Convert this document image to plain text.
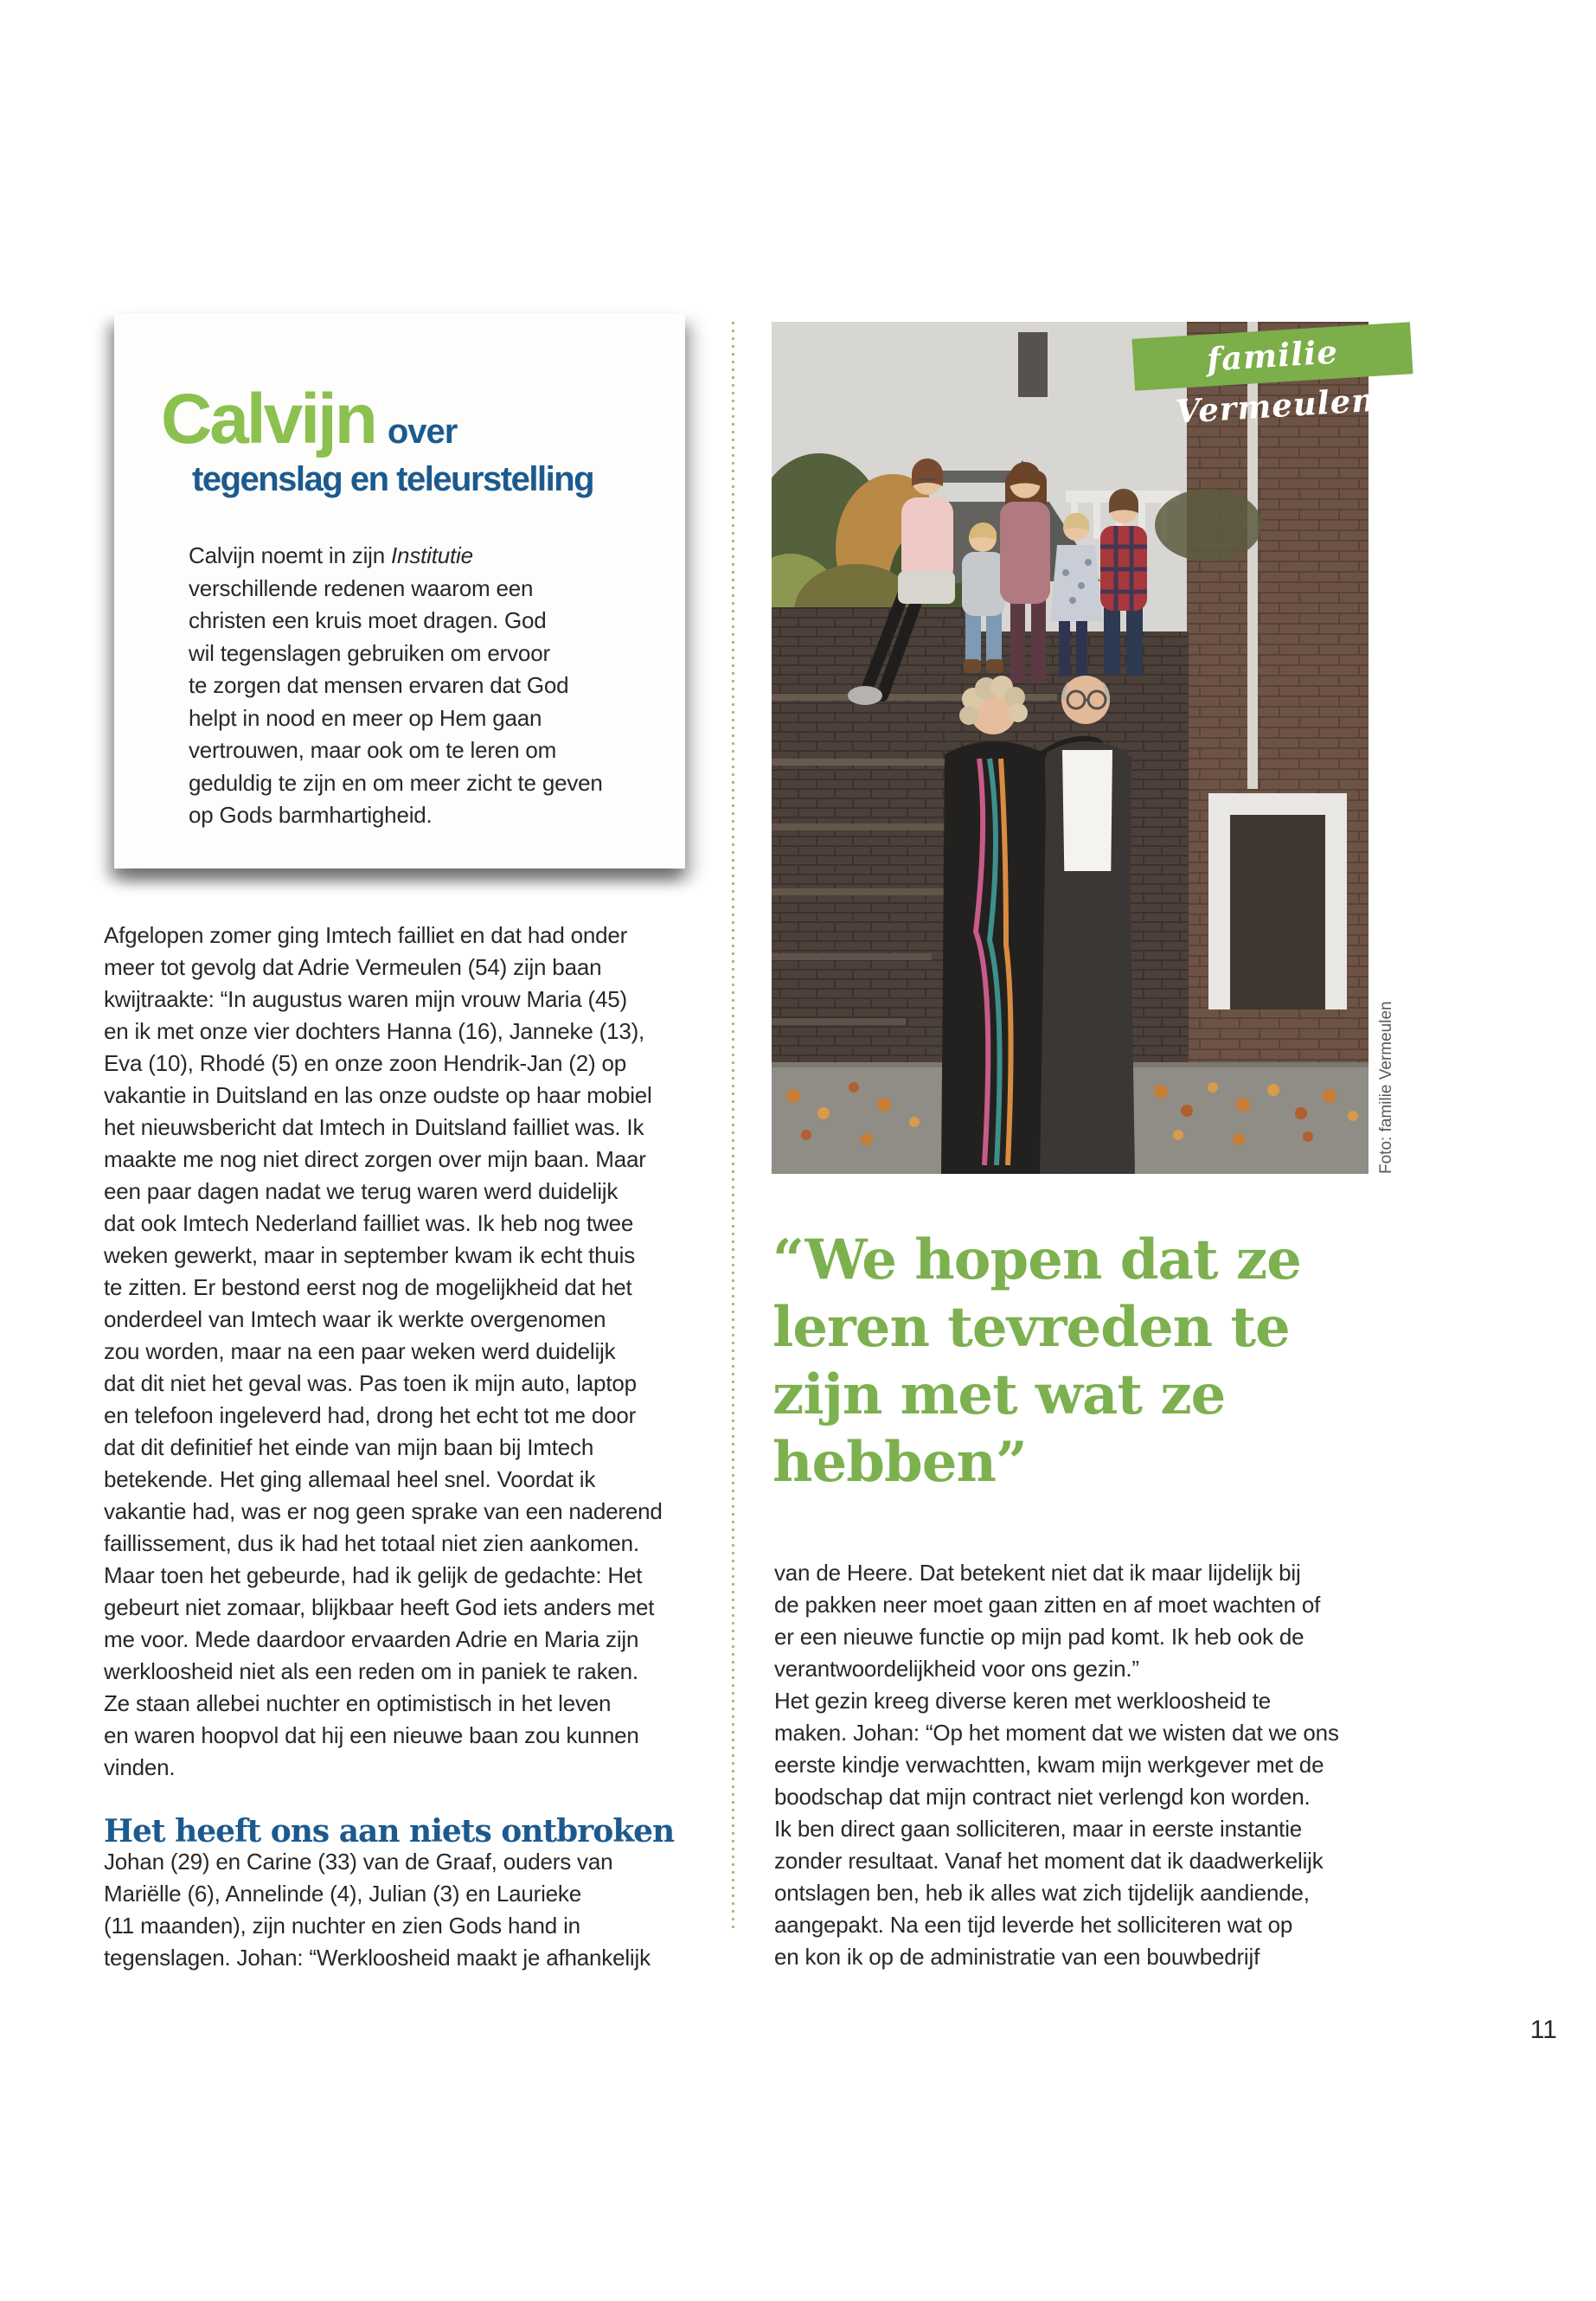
Calvijn over
tegenslag en teleurstelling
Calvijn noemt in zijn Institutie
verschillende redenen waarom een
christen een kruis moet dragen. God
wil tegenslagen gebruiken om ervoor
te zorgen dat mensen ervaren dat God
helpt in nood en meer op Hem gaan
vertrouwen, maar ook om te leren om
geduldig te zijn en om meer zicht te geven
op Gods barmhartigheid.
familie Vermeulen
Foto: familie Vermeulen
“We hopen dat ze
leren tevreden te
zijn met wat ze
hebben”
Afgelopen zomer ging Imtech failliet en dat had onder
meer tot gevolg dat Adrie Vermeulen (54) zijn baan
kwijtraakte: “In augustus waren mijn vrouw Maria (45)
en ik met onze vier dochters Hanna (16), Janneke (13),
Eva (10), Rhodé (5) en onze zoon Hendrik-Jan (2) op
vakantie in Duitsland en las onze oudste op haar mobiel
het nieuwsbericht dat Imtech in Duitsland failliet was. Ik
maakte me nog niet direct zorgen over mijn baan. Maar
een paar dagen nadat we terug waren werd duidelijk
dat ook Imtech Nederland failliet was. Ik heb nog twee
weken gewerkt, maar in september kwam ik echt thuis
te zitten. Er bestond eerst nog de mogelijkheid dat het
onderdeel van Imtech waar ik werkte overgenomen
zou worden, maar na een paar weken werd duidelijk
dat dit niet het geval was. Pas toen ik mijn auto, laptop
en telefoon ingeleverd had, drong het echt tot me door
dat dit definitief het einde van mijn baan bij Imtech
betekende. Het ging allemaal heel snel. Voordat ik
vakantie had, was er nog geen sprake van een naderend
faillissement, dus ik had het totaal niet zien aankomen.
Maar toen het gebeurde, had ik gelijk de gedachte: Het
gebeurt niet zomaar, blijkbaar heeft God iets anders met
me voor. Mede daardoor ervaarden Adrie en Maria zijn
werkloosheid niet als een reden om in paniek te raken.
Ze staan allebei nuchter en optimistisch in het leven
en waren hoopvol dat hij een nieuwe baan zou kunnen
vinden.
Het heeft ons aan niets ontbroken
Johan (29) en Carine (33) van de Graaf, ouders van
Mariëlle (6), Annelinde (4), Julian (3) en Laurieke
(11 maanden), zijn nuchter en zien Gods hand in
tegenslagen. Johan: “Werkloosheid maakt je afhankelijk
van de Heere. Dat betekent niet dat ik maar lijdelijk bij
de pakken neer moet gaan zitten en af moet wachten of
er een nieuwe functie op mijn pad komt. Ik heb ook de
verantwoordelijkheid voor ons gezin.”
Het gezin kreeg diverse keren met werkloosheid te
maken. Johan: “Op het moment dat we wisten dat we ons
eerste kindje verwachtten, kwam mijn werkgever met de
boodschap dat mijn contract niet verlengd kon worden.
Ik ben direct gaan solliciteren, maar in eerste instantie
zonder resultaat. Vanaf het moment dat ik daadwerkelijk
ontslagen ben, heb ik alles wat zich tijdelijk aandiende,
aangepakt. Na een tijd leverde het solliciteren wat op
en kon ik op de administratie van een bouwbedrijf
11
